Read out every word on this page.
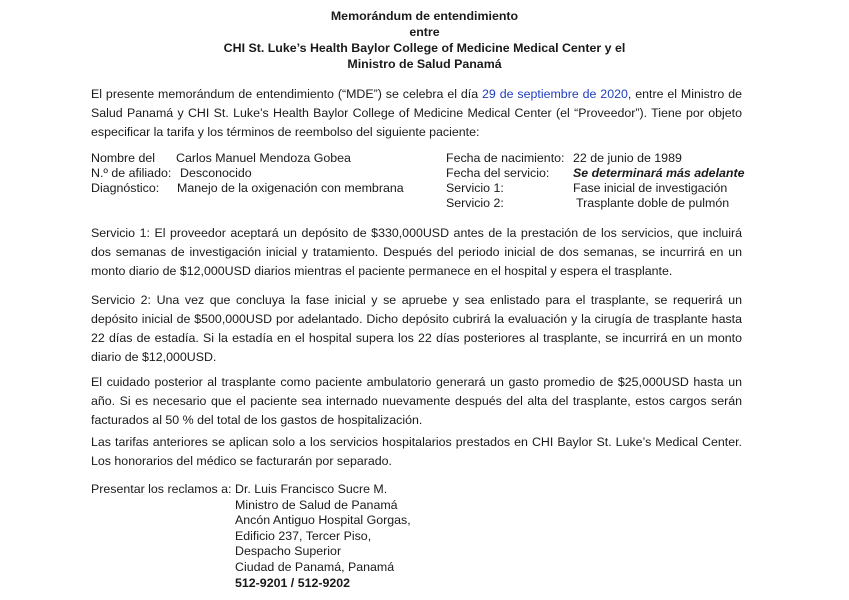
Memorándum de entendimiento
entre
CHI St. Luke’s Health Baylor College of Medicine Medical Center y el
Ministro de Salud Panamá
El presente memorándum de entendimiento (“MDE”) se celebra el día 29 de septiembre de 2020, entre el Ministro de Salud Panamá y CHI St. Luke’s Health Baylor College of Medicine Medical Center (el “Proveedor”). Tiene por objeto especificar la tarifa y los términos de reembolso del siguiente paciente:
Nombre del Carlos Manuel Mendoza Gobea
N.º de afiliado: Desconocido
Diagnóstico: Manejo de la oxigenación con membrana
Fecha de nacimiento: 22 de junio de 1989
Fecha del servicio: Se determinará más adelante
Servicio 1:	Fase inicial de investigación
Servicio 2:	Trasplante doble de pulmón
Servicio 1: El proveedor aceptará un depósito de $330,000USD antes de la prestación de los servicios, que incluirá dos semanas de investigación inicial y tratamiento. Después del periodo inicial de dos semanas, se incurrirá en un monto diario de $12,000USD diarios mientras el paciente permanece en el hospital y espera el trasplante.
Servicio 2: Una vez que concluya la fase inicial y se apruebe y sea enlistado para el trasplante, se requerirá un depósito inicial de $500,000USD por adelantado. Dicho depósito cubrirá la evaluación y la cirugía de trasplante hasta 22 días de estadía. Si la estadía en el hospital supera los 22 días posteriores al trasplante, se incurrirá en un monto diario de $12,000USD.
El cuidado posterior al trasplante como paciente ambulatorio generará un gasto promedio de $25,000USD hasta un año. Si es necesario que el paciente sea internado nuevamente después del alta del trasplante, estos cargos serán facturados al 50 % del total de los gastos de hospitalización.
Las tarifas anteriores se aplican solo a los servicios hospitalarios prestados en CHI Baylor St. Luke’s Medical Center. Los honorarios del médico se facturarán por separado.
Presentar los reclamos a: Dr. Luis Francisco Sucre M.
Ministro de Salud de Panamá
Ancón Antiguo Hospital Gorgas,
Edificio 237, Tercer Piso,
Despacho Superior
Ciudad de Panamá, Panamá
512-9201 / 512-9202
